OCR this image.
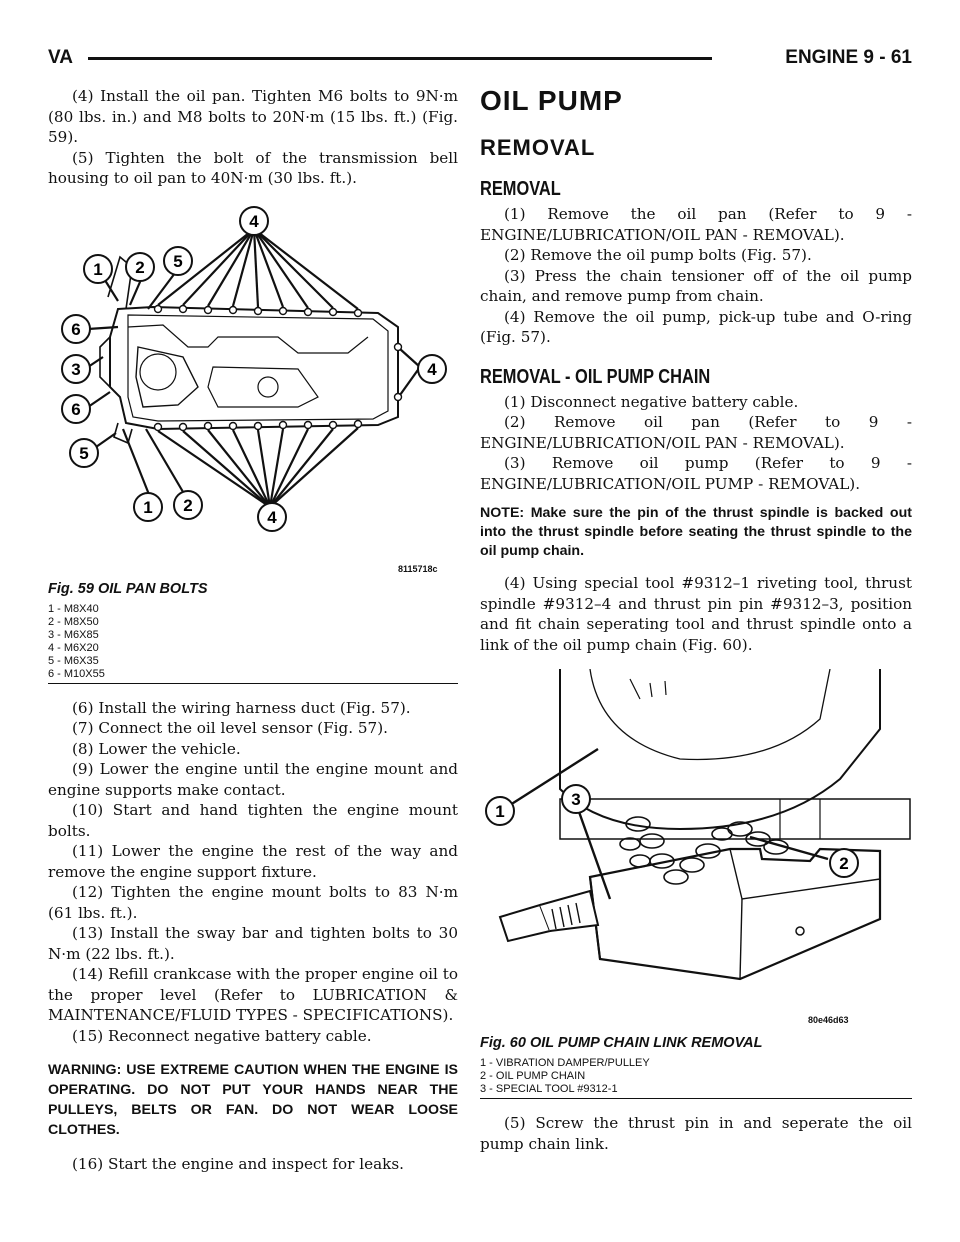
VA	ENGINE 9 - 61

(4) Install the oil pan. Tighten M6 bolts to 9N·m (80 lbs. in.) and M8 bolts to 20N·m (15 lbs. ft.) (Fig. 59).

(5) Tighten the bolt of the transmission bell housing to oil pan to 40N·m (30 lbs. ft.).

1 2 5
4
6
3
6
5
1 2
4
4
8115718c
Fig. 59 OIL PAN BOLTS
1 - M8X40
2 - M8X50
3 - M6X85
4 - M6X20
5 - M6X35
6 - M10X55

(6) Install the wiring harness duct (Fig. 57).

(7) Connect the oil level sensor (Fig. 57).

(8) Lower the vehicle.

(9) Lower the engine until the engine mount and engine supports make contact.

(10) Start and hand tighten the engine mount bolts.

(11) Lower the engine the rest of the way and remove the engine support fixture.

(12) Tighten the engine mount bolts to 83 N·m (61 lbs. ft.).

(13) Install the sway bar and tighten bolts to 30 N·m (22 lbs. ft.).

(14) Refill crankcase with the proper engine oil to the proper level (Refer to LUBRICATION & MAINTENANCE/FLUID TYPES - SPECIFICATIONS).

(15) Reconnect negative battery cable.

WARNING: USE EXTREME CAUTION WHEN THE ENGINE IS OPERATING. DO NOT PUT YOUR HANDS NEAR THE PULLEYS, BELTS OR FAN. DO NOT WEAR LOOSE CLOTHES.

(16) Start the engine and inspect for leaks.

OIL PUMP
REMOVAL
REMOVAL

(1) Remove the oil pan (Refer to 9 - ENGINE/LUBRICATION/OIL PAN - REMOVAL).

(2) Remove the oil pump bolts (Fig. 57).

(3) Press the chain tensioner off of the oil pump chain, and remove pump from chain.

(4) Remove the oil pump, pick-up tube and O-ring (Fig. 57).

REMOVAL - OIL PUMP CHAIN

(1) Disconnect negative battery cable.

(2) Remove oil pan (Refer to 9 - ENGINE/LUBRICATION/OIL PAN - REMOVAL).

(3) Remove oil pump (Refer to 9 - ENGINE/LUBRICATION/OIL PUMP - REMOVAL).

NOTE: Make sure the pin of the thrust spindle is backed out into the thrust spindle before seating the thrust spindle to the oil pump chain.

(4) Using special tool #9312–1 riveting tool, thrust spindle #9312–4 and thrust pin pin #9312–3, position and fit chain seperating tool and thrust spindle onto a link of the oil pump chain (Fig. 60).

1
3
2
80e46d63
Fig. 60 OIL PUMP CHAIN LINK REMOVAL
1 - VIBRATION DAMPER/PULLEY
2 - OIL PUMP CHAIN
3 - SPECIAL TOOL #9312-1

(5) Screw the thrust pin in and seperate the oil pump chain link.
